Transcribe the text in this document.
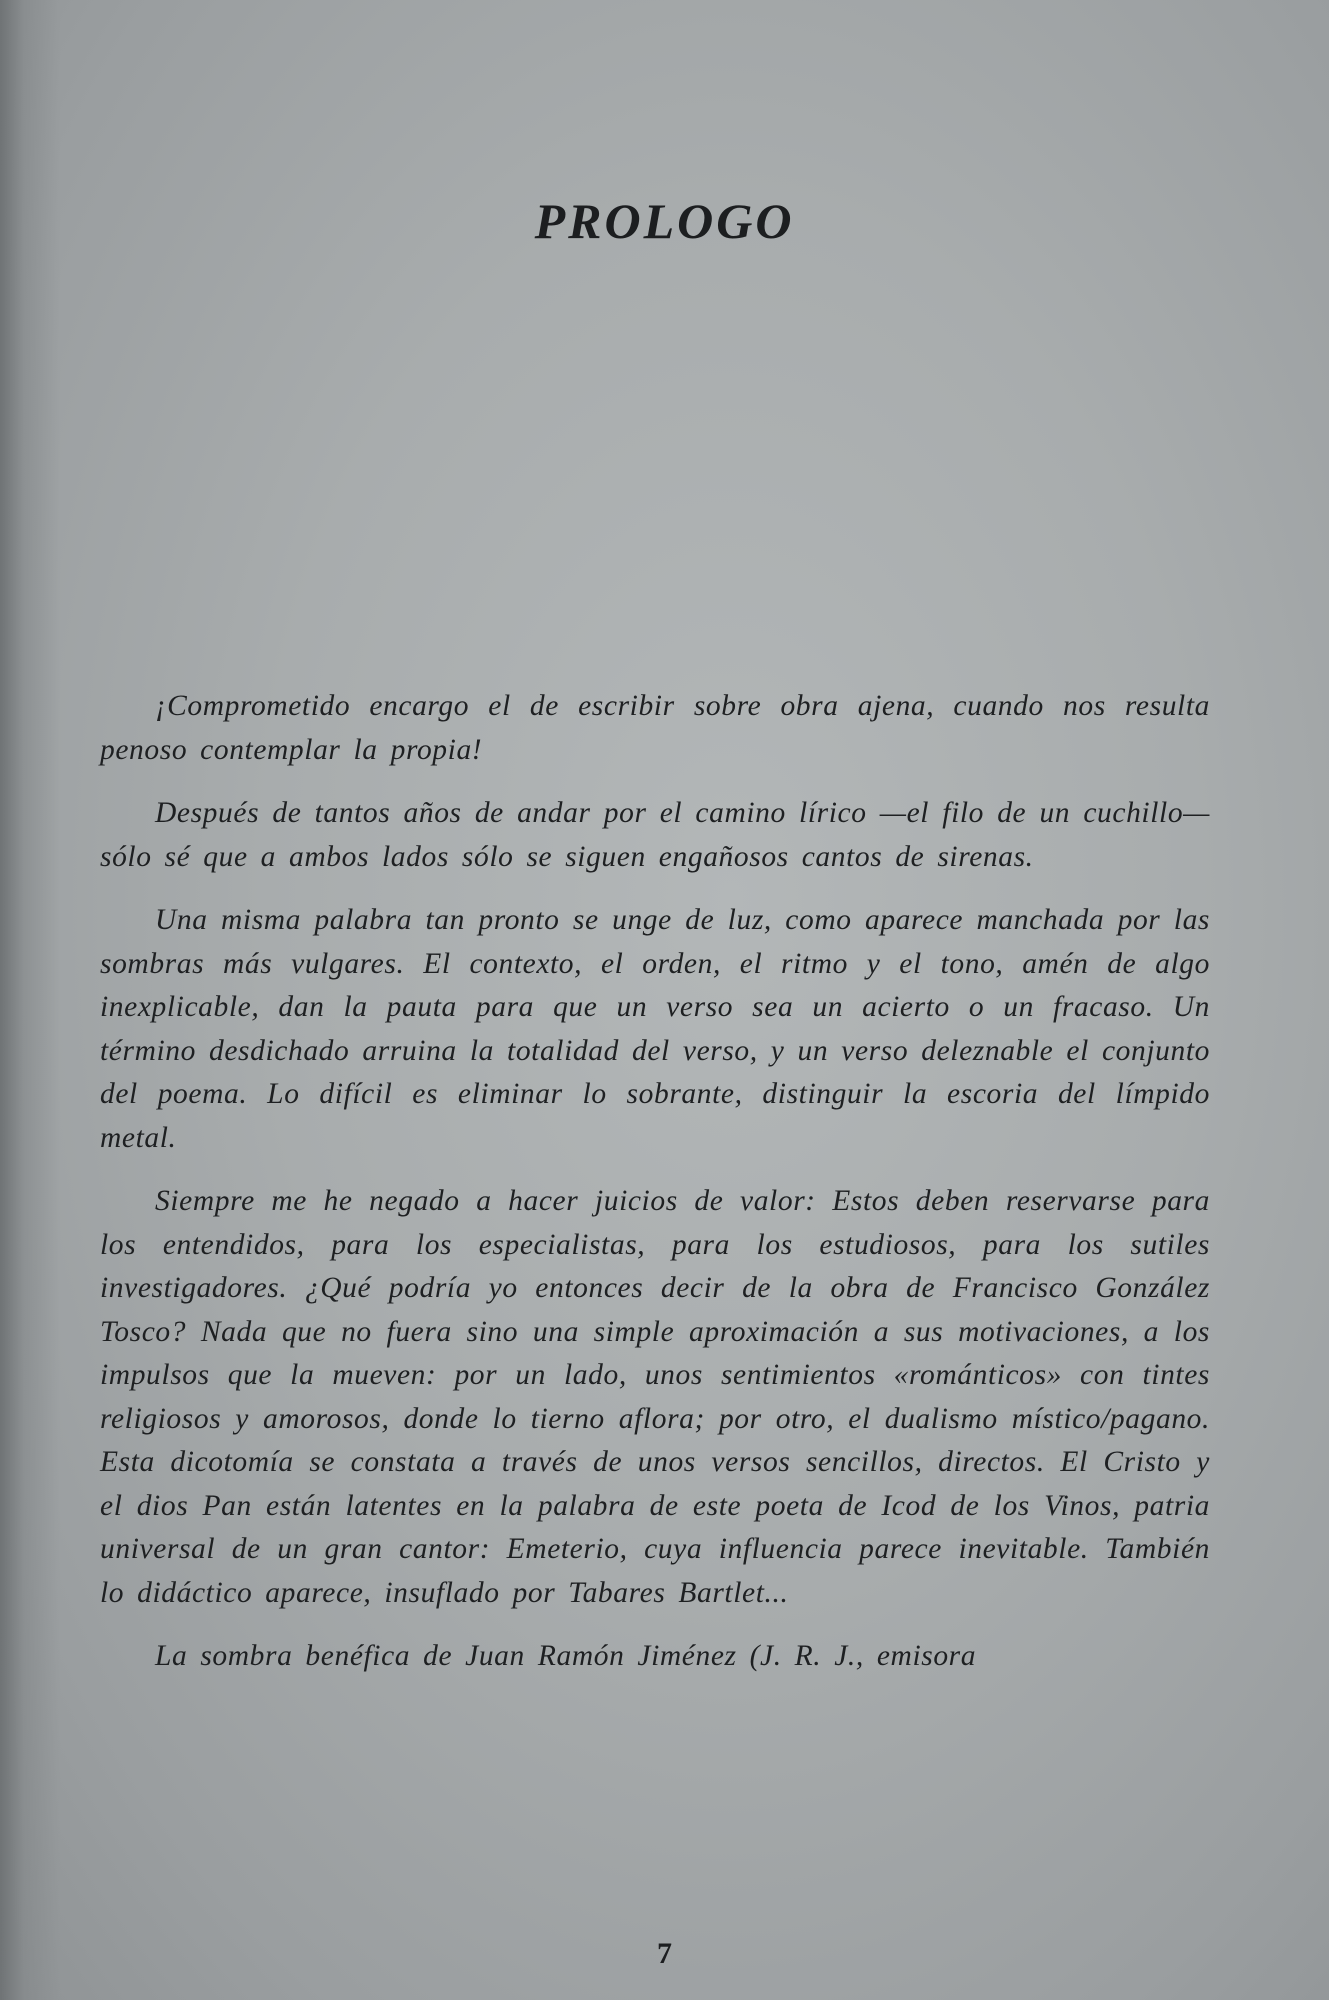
PROLOGO

¡Comprometido encargo el de escribir sobre obra ajena, cuando nos resulta penoso contemplar la propia!

Después de tantos años de andar por el camino lírico —el filo de un cuchillo— sólo sé que a ambos lados sólo se siguen engañosos cantos de sirenas.

Una misma palabra tan pronto se unge de luz, como aparece manchada por las sombras más vulgares. El contexto, el orden, el ritmo y el tono, amén de algo inexplicable, dan la pauta para que un verso sea un acierto o un fracaso. Un término desdichado arruina la totalidad del verso, y un verso deleznable el conjunto del poema. Lo difícil es eliminar lo sobrante, distinguir la escoria del límpido metal.

Siempre me he negado a hacer juicios de valor: Estos deben reservarse para los entendidos, para los especialistas, para los estudiosos, para los sutiles investigadores. ¿Qué podría yo entonces decir de la obra de Francisco González Tosco? Nada que no fuera sino una simple aproximación a sus motivaciones, a los impulsos que la mueven: por un lado, unos sentimientos «románticos» con tintes religiosos y amorosos, donde lo tierno aflora; por otro, el dualismo místico/pagano. Esta dicotomía se constata a través de unos versos sencillos, directos. El Cristo y el dios Pan están latentes en la palabra de este poeta de Icod de los Vinos, patria universal de un gran cantor: Emeterio, cuya influencia parece inevitable. También lo didáctico aparece, insuflado por Tabares Bartlet...

La sombra benéfica de Juan Ramón Jiménez (J. R. J., emisora

7
